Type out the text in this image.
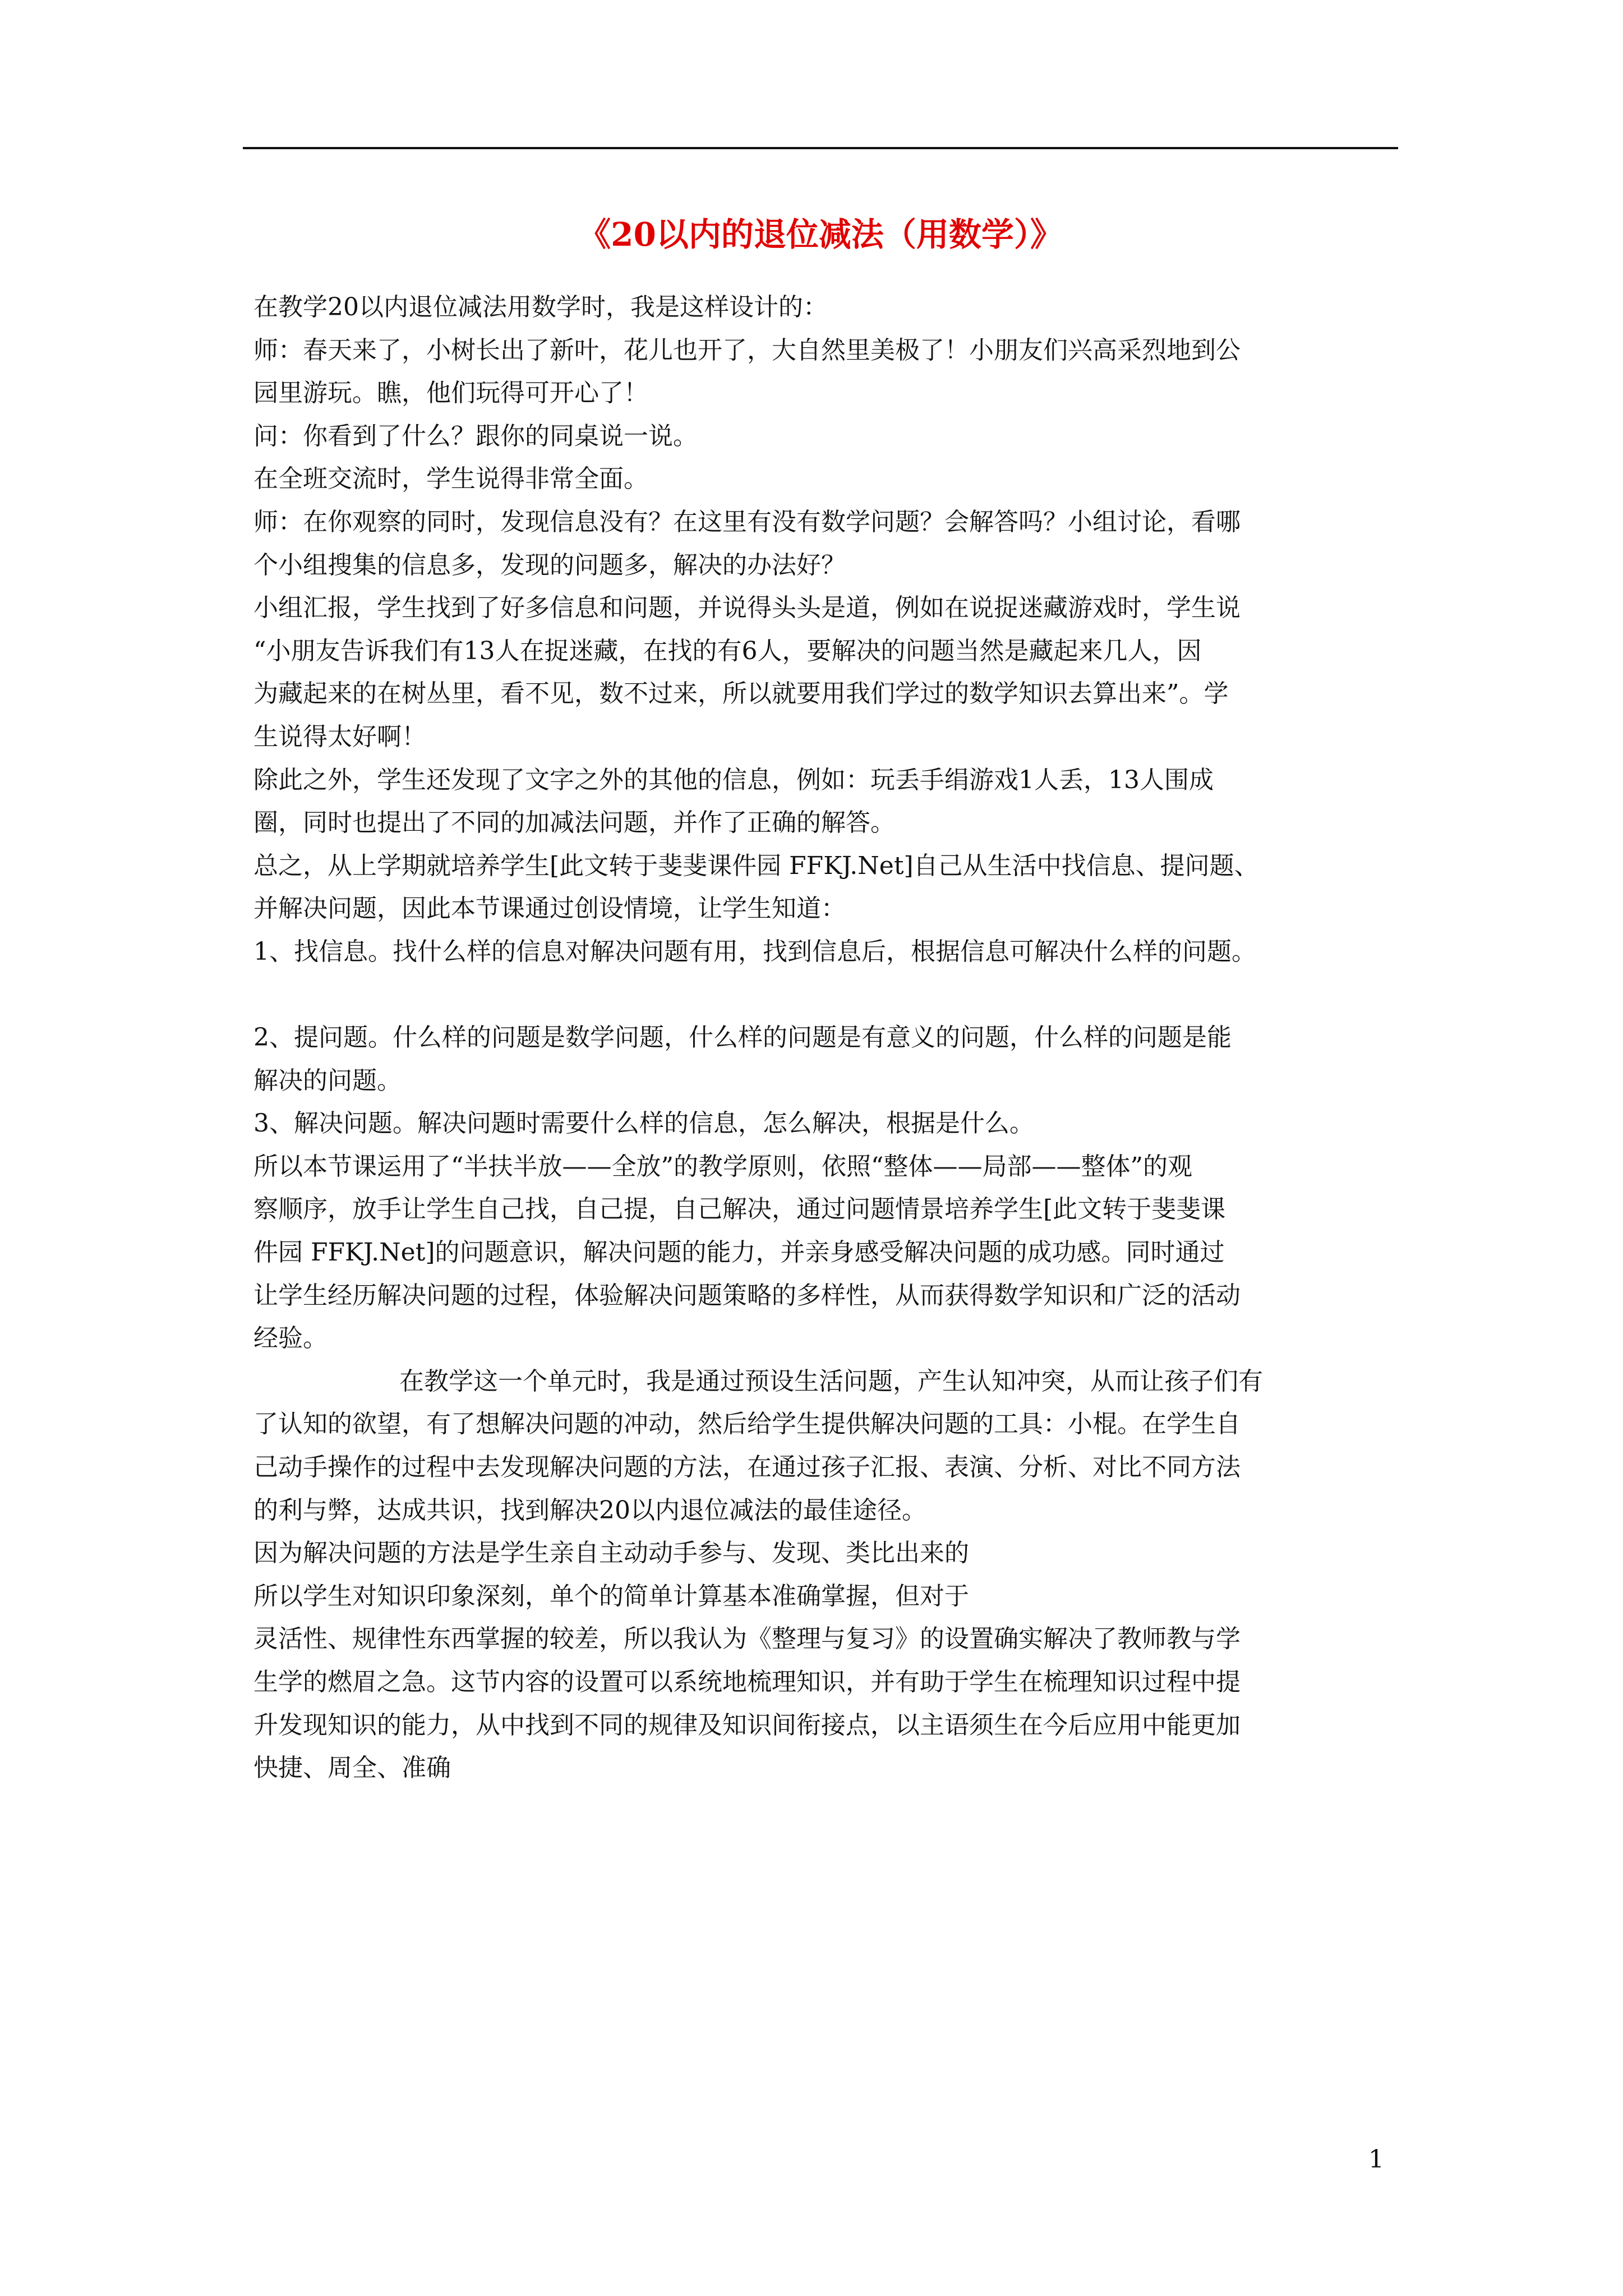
《20以内的退位减法（用数学）》
在教学20以内退位减法用数学时，我是这样设计的：
师：春天来了，小树长出了新叶，花儿也开了，大自然里美极了！小朋友们兴高采烈地到公
园里游玩。瞧，他们玩得可开心了！
问：你看到了什么？跟你的同桌说一说。
在全班交流时，学生说得非常全面。
师：在你观察的同时，发现信息没有？在这里有没有数学问题？会解答吗？小组讨论，看哪
个小组搜集的信息多，发现的问题多，解决的办法好？
小组汇报，学生找到了好多信息和问题，并说得头头是道，例如在说捉迷藏游戏时，学生说
“小朋友告诉我们有13人在捉迷藏，在找的有6人，要解决的问题当然是藏起来几人，因
为藏起来的在树丛里，看不见，数不过来，所以就要用我们学过的数学知识去算出来”。学
生说得太好啊！
除此之外，学生还发现了文字之外的其他的信息，例如：玩丢手绢游戏1人丢，13人围成
圈，同时也提出了不同的加减法问题，并作了正确的解答。
总之，从上学期就培养学生[此文转于斐斐课件园 FFKJ.Net]自己从生活中找信息、提问题、
并解决问题，因此本节课通过创设情境，让学生知道：
1、找信息。找什么样的信息对解决问题有用，找到信息后，根据信息可解决什么样的问题。
2、提问题。什么样的问题是数学问题，什么样的问题是有意义的问题，什么样的问题是能
解决的问题。
3、解决问题。解决问题时需要什么样的信息，怎么解决，根据是什么。
所以本节课运用了“半扶半放——全放”的教学原则，依照“整体——局部——整体”的观
察顺序，放手让学生自己找，自己提，自己解决，通过问题情景培养学生[此文转于斐斐课
件园 FFKJ.Net]的问题意识，解决问题的能力，并亲身感受解决问题的成功感。同时通过
让学生经历解决问题的过程，体验解决问题策略的多样性，从而获得数学知识和广泛的活动
经验。
在教学这一个单元时，我是通过预设生活问题，产生认知冲突，从而让孩子们有
了认知的欲望，有了想解决问题的冲动，然后给学生提供解决问题的工具：小棍。在学生自
己动手操作的过程中去发现解决问题的方法，在通过孩子汇报、表演、分析、对比不同方法
的利与弊，达成共识，找到解决20以内退位减法的最佳途径。
因为解决问题的方法是学生亲自主动动手参与、发现、类比出来的
所以学生对知识印象深刻，单个的简单计算基本准确掌握，但对于
灵活性、规律性东西掌握的较差，所以我认为《整理与复习》的设置确实解决了教师教与学
生学的燃眉之急。这节内容的设置可以系统地梳理知识，并有助于学生在梳理知识过程中提
升发现知识的能力，从中找到不同的规律及知识间衔接点，以主语须生在今后应用中能更加
快捷、周全、准确
1
